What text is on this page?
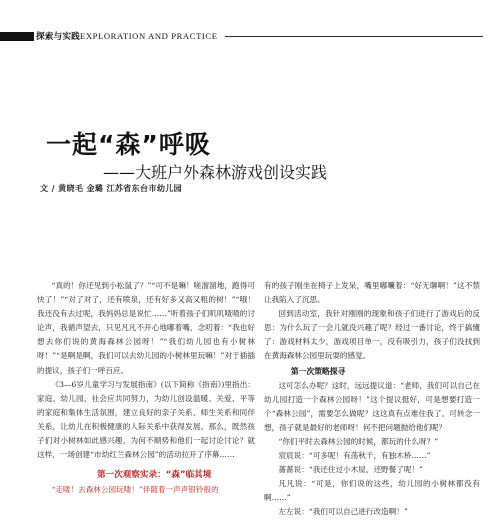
探索与实践EXPLORATION AND PRACTICE
一起“森”呼吸
——大班户外森林游戏创设实践
文 / 黄晓毛 金璐 江苏省东台市幼儿园

“真的！你还见到小松鼠了？”“可不是嘛！嗟溜溜地，跑得可快了！”“对了对了，还有喷泉，还有好多又高又粗的树！”“哦！我还没有去过呢，我妈妈总是说忙……”听着孩子们叽叽喳喳的讨论声，我循声望去，只见凡凡不开心地嘟着嘴，念叨着：“我也好想去你们说的黄海森林公园呀！”“我们幼儿园也有小树林呀！”“是啊是啊，我们可以去幼儿园的小树林里玩嘛！”对于插插的提议，孩子们一呼百应。

《3—6岁儿童学习与发展指南》(以下简称《指南》)里指出：家庭、幼儿园、社会应共同努力，为幼儿创设温暖、关爱、平等的家庭和集体生活氛围，建立良好的亲子关系、师生关系和同伴关系，让幼儿在积极健康的人际关系中获得发展。那么，既然孩子们对小树林如此感兴趣，为何不顺势和他们一起讨论讨论？就这样，一场创建“市幼红兰森林公园”的活动拉开了序幕……

第一次观察实录：“森”临其境

“走喽！去森林公园玩喽！”伴随着一声声银铃般的

有的孩子刚坐在椅子上发呆，嘴里嘟囔着：“好无聊啊！”这不禁让我陷入了沉思。

回到活动室，我针对刚刚的现象和孩子们进行了游戏后的反思：为什么玩了一会儿就没兴趣了呢？经过一番讨论，终于搞懂了：游戏材料太少，游戏项目单一，没有吸引力，孩子们没找到在黄海森林公园里玩耍的感觉。

第一次策略探寻

这可怎么办呢？这时，远远提议道：“老师，我们可以自己在幼儿园打造一个森林公园呀！”这个提议挺好，可是想要打造一个“森林公园”，需要怎么做呢？这这真有点难住我了。可转念一想，孩子就是最好的老师呀！何不把问题抛给他们呢？

“你们平时去森林公园的时候，都玩的什么呀？”

宸宸说：“可多呢！有荡秋千，有独木桥……”

蔷蔷说：“我还住过小木屋，还野餐了呢！”

凡凡说：“可是，你们说的这些，幼儿园的小树林都没有啊……”

左左说：“我们可以自己进行改造啊！”
